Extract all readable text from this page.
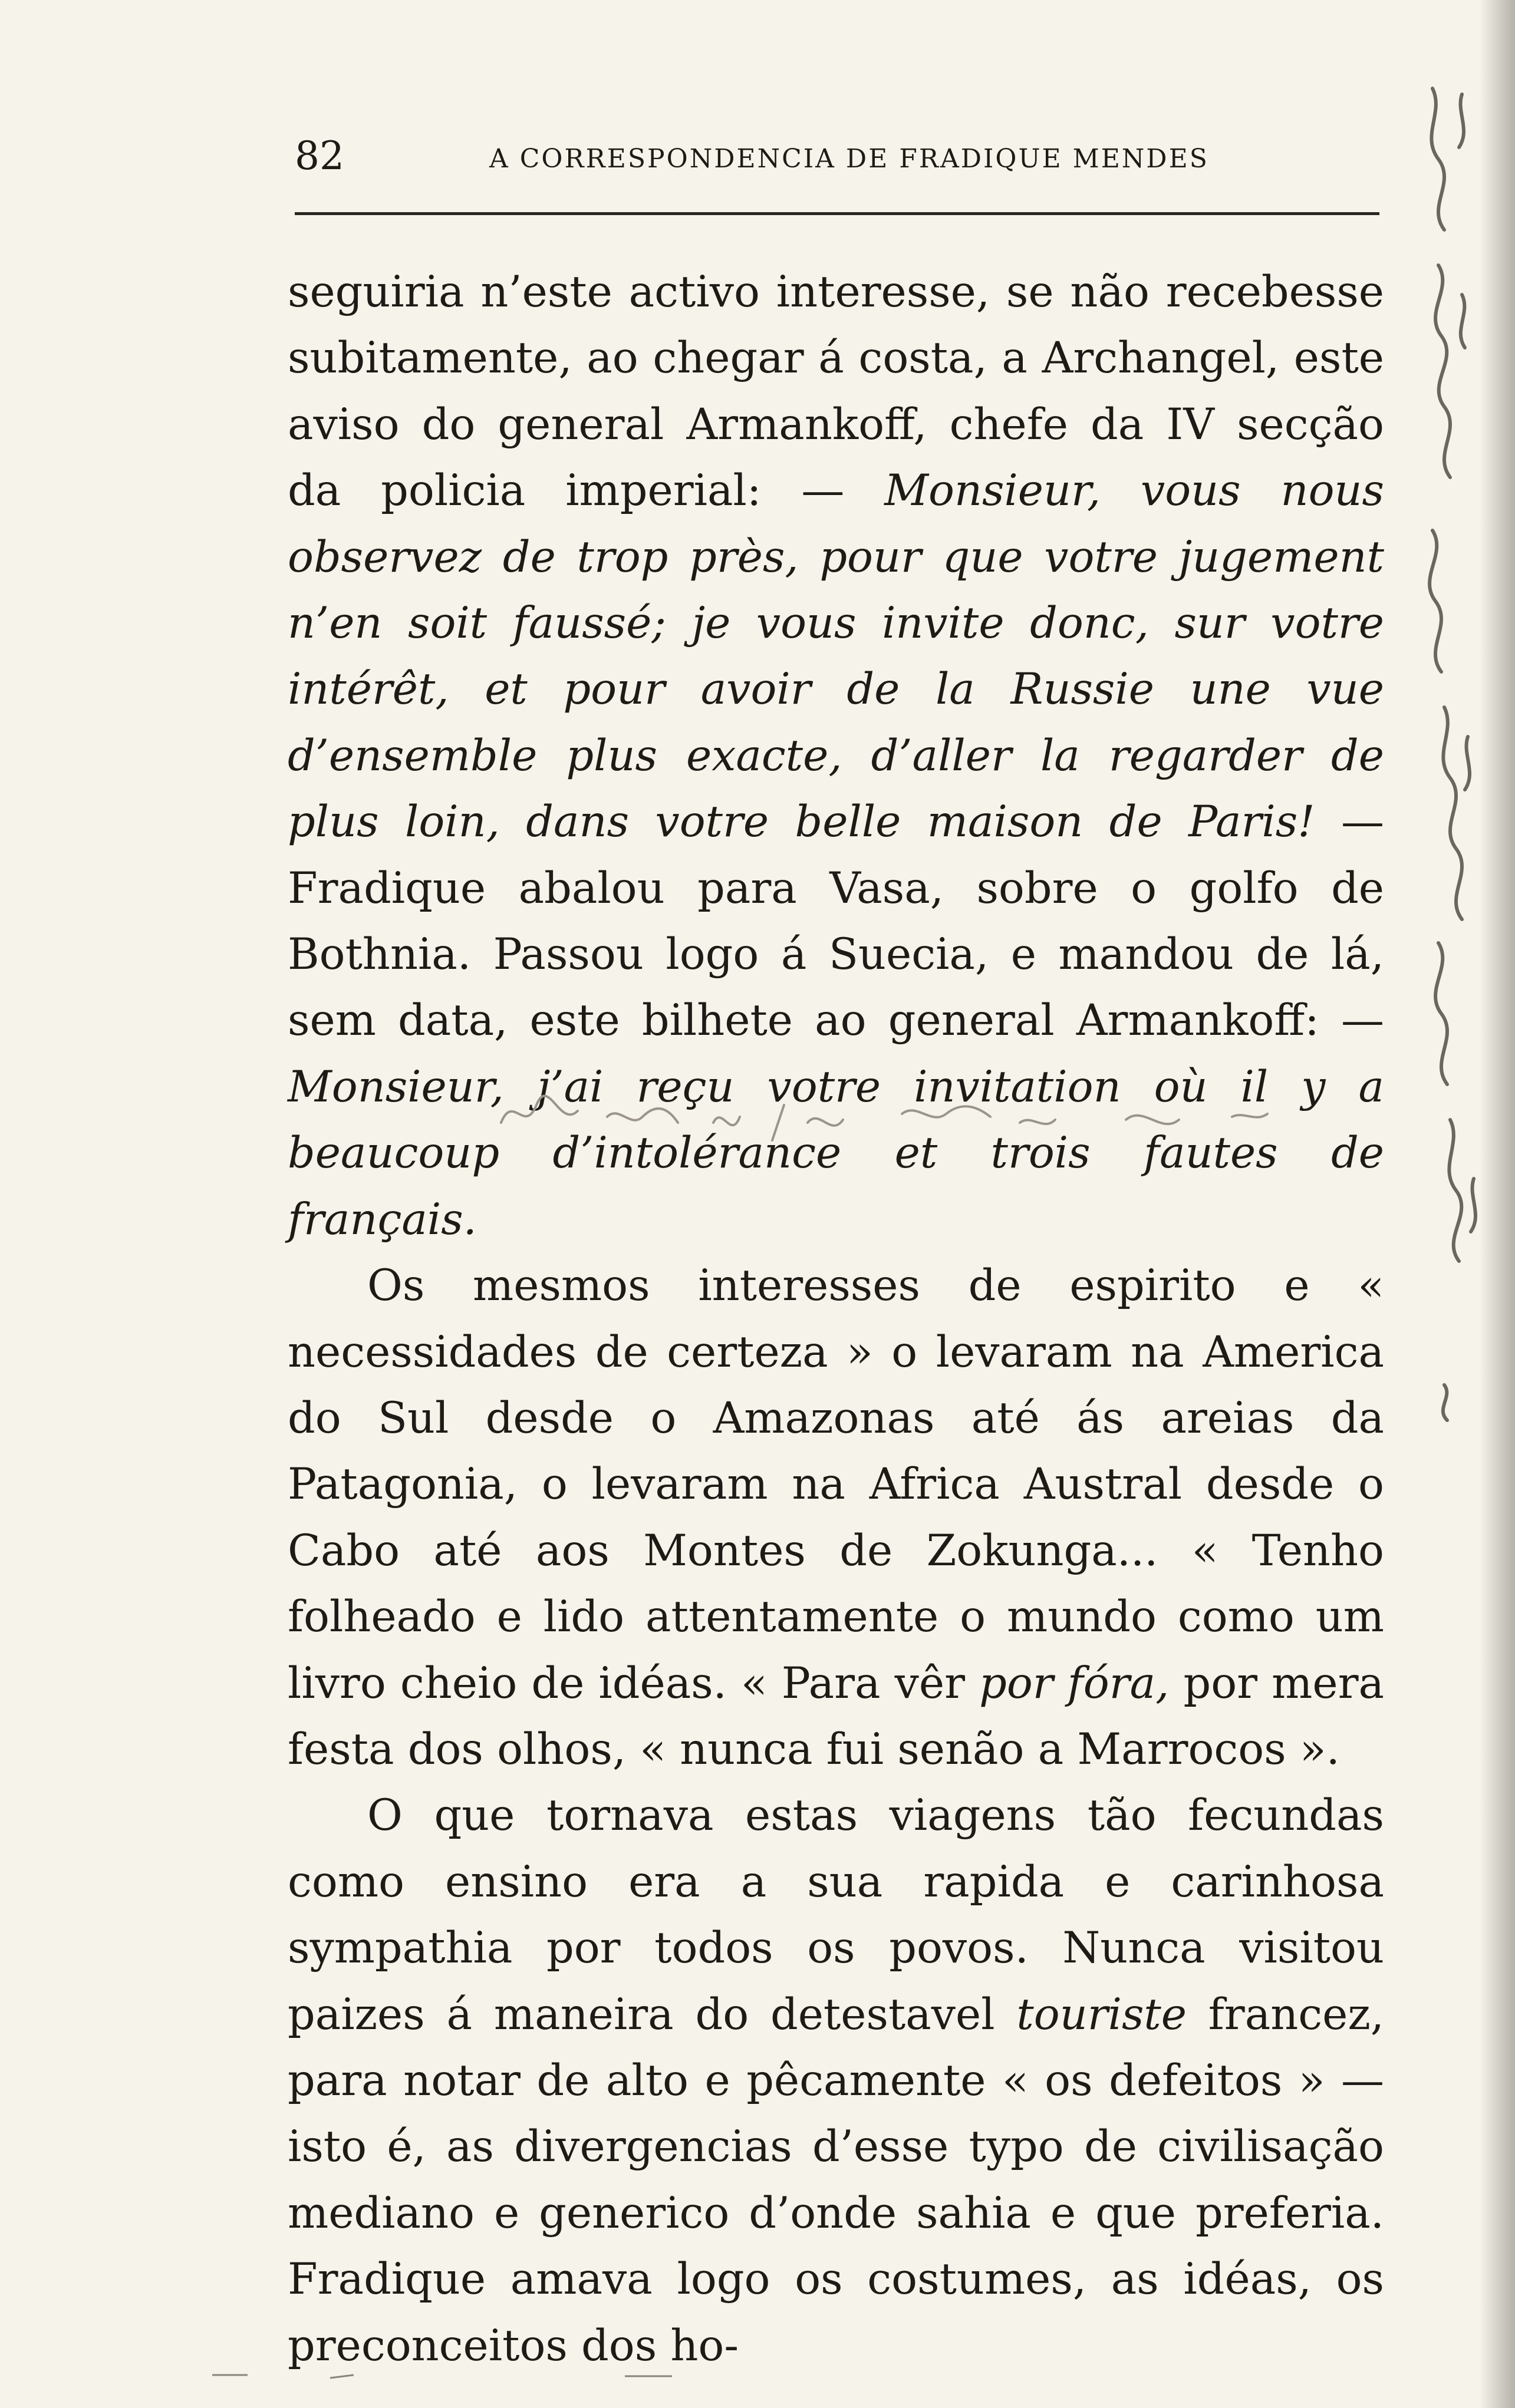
82	A CORRESPONDENCIA DE FRADIQUE MENDES

seguiria n’este activo interesse, se não recebesse subitamente, ao chegar á costa, a Archangel, este aviso do general Armankoff, chefe da IV secção da policia imperial: — Monsieur, vous nous observez de trop près, pour que votre jugement n’en soit faussé; je vous invite donc, sur votre intérêt, et pour avoir de la Russie une vue d’ensemble plus exacte, d’aller la regarder de plus loin, dans votre belle maison de Paris! — Fradique abalou para Vasa, sobre o golfo de Bothnia. Passou logo á Suecia, e mandou de lá, sem data, este bilhete ao general Armankoff: — Monsieur, j’ai reçu votre invitation où il y a beaucoup d’intolérance et trois fautes de français.

Os mesmos interesses de espirito e « necessidades de certeza » o levaram na America do Sul desde o Amazonas até ás areias da Patagonia, o levaram na Africa Austral desde o Cabo até aos Montes de Zokunga... « Tenho folheado e lido attentamente o mundo como um livro cheio de idéas. « Para vêr por fóra, por mera festa dos olhos, « nunca fui senão a Marrocos ».

O que tornava estas viagens tão fecundas como ensino era a sua rapida e carinhosa sympathia por todos os povos. Nunca visitou paizes á maneira do detestavel touriste francez, para notar de alto e pêcamente « os defeitos » — isto é, as divergencias d’esse typo de civilisação mediano e generico d’onde sahia e que preferia. Fradique amava logo os costumes, as idéas, os preconceitos dos ho-
